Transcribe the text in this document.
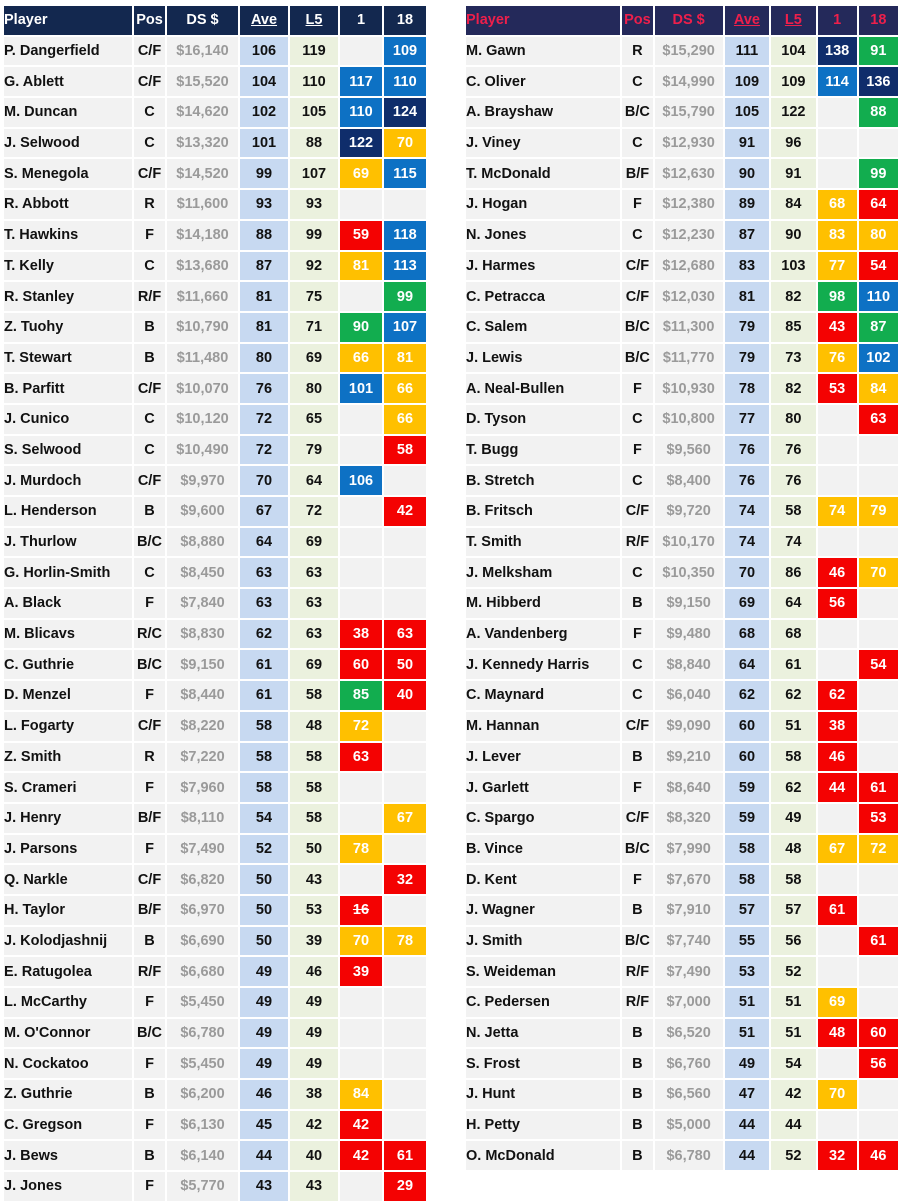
Player	Pos	DS $	Ave	L5	1	18
P. Dangerfield	C/F	$16,140	106	119		109
G. Ablett	C/F	$15,520	104	110	117	110
M. Duncan	C	$14,620	102	105	110	124
J. Selwood	C	$13,320	101	88	122	70
S. Menegola	C/F	$14,520	99	107	69	115
R. Abbott	R	$11,600	93	93		
T. Hawkins	F	$14,180	88	99	59	118
T. Kelly	C	$13,680	87	92	81	113
R. Stanley	R/F	$11,660	81	75		99
Z. Tuohy	B	$10,790	81	71	90	107
T. Stewart	B	$11,480	80	69	66	81
B. Parfitt	C/F	$10,070	76	80	101	66
J. Cunico	C	$10,120	72	65		66
S. Selwood	C	$10,490	72	79		58
J. Murdoch	C/F	$9,970	70	64	106	
L. Henderson	B	$9,600	67	72		42
J. Thurlow	B/C	$8,880	64	69		
G. Horlin-Smith	C	$8,450	63	63		
A. Black	F	$7,840	63	63		
M. Blicavs	R/C	$8,830	62	63	38	63
C. Guthrie	B/C	$9,150	61	69	60	50
D. Menzel	F	$8,440	61	58	85	40
L. Fogarty	C/F	$8,220	58	48	72	
Z. Smith	R	$7,220	58	58	63	
S. Crameri	F	$7,960	58	58		
J. Henry	B/F	$8,110	54	58		67
J. Parsons	F	$7,490	52	50	78	
Q. Narkle	C/F	$6,820	50	43		32
H. Taylor	B/F	$6,970	50	53	16	
J. Kolodjashnij	B	$6,690	50	39	70	78
E. Ratugolea	R/F	$6,680	49	46	39	
L. McCarthy	F	$5,450	49	49		
M. O'Connor	B/C	$6,780	49	49		
N. Cockatoo	F	$5,450	49	49		
Z. Guthrie	B	$6,200	46	38	84	
C. Gregson	F	$6,130	45	42	42	
J. Bews	B	$6,140	44	40	42	61
J. Jones	F	$5,770	43	43		29
Player	Pos	DS $	Ave	L5	1	18
M. Gawn	R	$15,290	111	104	138	91
C. Oliver	C	$14,990	109	109	114	136
A. Brayshaw	B/C	$15,790	105	122		88
J. Viney	C	$12,930	91	96		
T. McDonald	B/F	$12,630	90	91		99
J. Hogan	F	$12,380	89	84	68	64
N. Jones	C	$12,230	87	90	83	80
J. Harmes	C/F	$12,680	83	103	77	54
C. Petracca	C/F	$12,030	81	82	98	110
C. Salem	B/C	$11,300	79	85	43	87
J. Lewis	B/C	$11,770	79	73	76	102
A. Neal-Bullen	F	$10,930	78	82	53	84
D. Tyson	C	$10,800	77	80		63
T. Bugg	F	$9,560	76	76		
B. Stretch	C	$8,400	76	76		
B. Fritsch	C/F	$9,720	74	58	74	79
T. Smith	R/F	$10,170	74	74		
J. Melksham	C	$10,350	70	86	46	70
M. Hibberd	B	$9,150	69	64	56	
A. Vandenberg	F	$9,480	68	68		
J. Kennedy Harris	C	$8,840	64	61		54
C. Maynard	C	$6,040	62	62	62	
M. Hannan	C/F	$9,090	60	51	38	
J. Lever	B	$9,210	60	58	46	
J. Garlett	F	$8,640	59	62	44	61
C. Spargo	C/F	$8,320	59	49		53
B. Vince	B/C	$7,990	58	48	67	72
D. Kent	F	$7,670	58	58		
J. Wagner	B	$7,910	57	57	61	
J. Smith	B/C	$7,740	55	56		61
S. Weideman	R/F	$7,490	53	52		
C. Pedersen	R/F	$7,000	51	51	69	
N. Jetta	B	$6,520	51	51	48	60
S. Frost	B	$6,760	49	54		56
J. Hunt	B	$6,560	47	42	70	
H. Petty	B	$5,000	44	44		
O. McDonald	B	$6,780	44	52	32	46
